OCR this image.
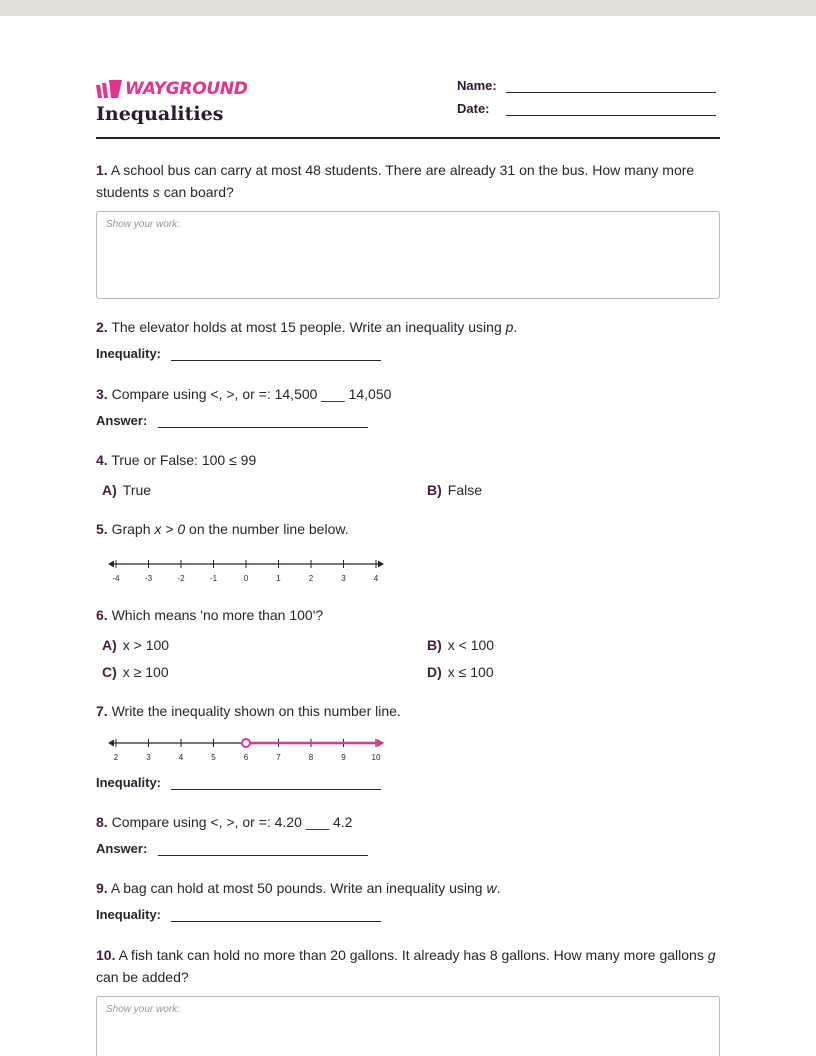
WAYGROUND
Inequalities
Name:
Date:
1. A school bus can carry at most 48 students. There are already 31 on the bus. How many more students s can board?
Show your work:
2. The elevator holds at most 15 people. Write an inequality using p.
Inequality:
3. Compare using <, >, or =: 14,500 ___ 14,050
Answer:
4. True or False: 100 ≤ 99
A) True	B) False
5. Graph x > 0 on the number line below.
-4	-3	-2	-1	0	1	2	3	4
6. Which means 'no more than 100'?
A) x > 100	B) x < 100
C) x ≥ 100	D) x ≤ 100
7. Write the inequality shown on this number line.
2	3	4	5	6	7	8	9	10
Inequality:
8. Compare using <, >, or =: 4.20 ___ 4.2
Answer:
9. A bag can hold at most 50 pounds. Write an inequality using w.
Inequality:
10. A fish tank can hold no more than 20 gallons. It already has 8 gallons. How many more gallons g can be added?
Show your work:
